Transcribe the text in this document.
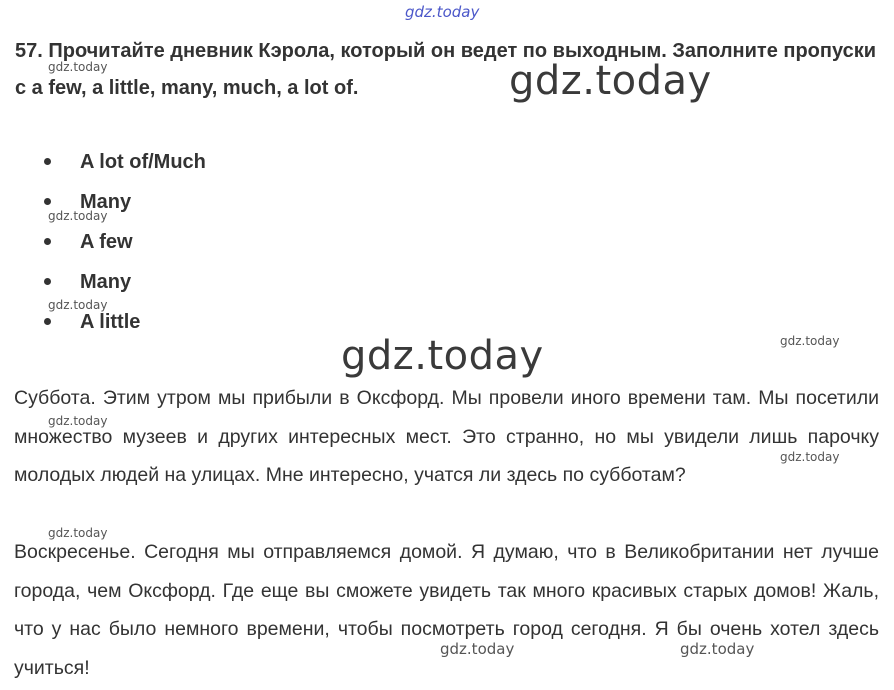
gdz.today
57. Прочитайте дневник Кэрола, который он ведет по выходным. Заполните пропуски с a few, a little, many, much, a lot of.
gdz.today	gdz.today
A lot of/Much
Many
A few
Many
A little
gdz.today
gdz.today
gdz.today
gdz.today
Суббота. Этим утром мы прибыли в Оксфорд. Мы провели иного времени там. Мы посетили множество музеев и других интересных мест. Это странно, но мы увидели лишь парочку молодых людей на улицах. Мне интересно, учатся ли здесь по субботам?
Воскресенье. Сегодня мы отправляемся домой. Я думаю, что в Великобритании нет лучше города, чем Оксфорд. Где еще вы сможете увидеть так много красивых старых домов! Жаль, что у нас было немного времени, чтобы посмотреть город сегодня. Я бы очень хотел здесь учиться!
gdz.today
gdz.today
gdz.today
gdz.today	gdz.today
